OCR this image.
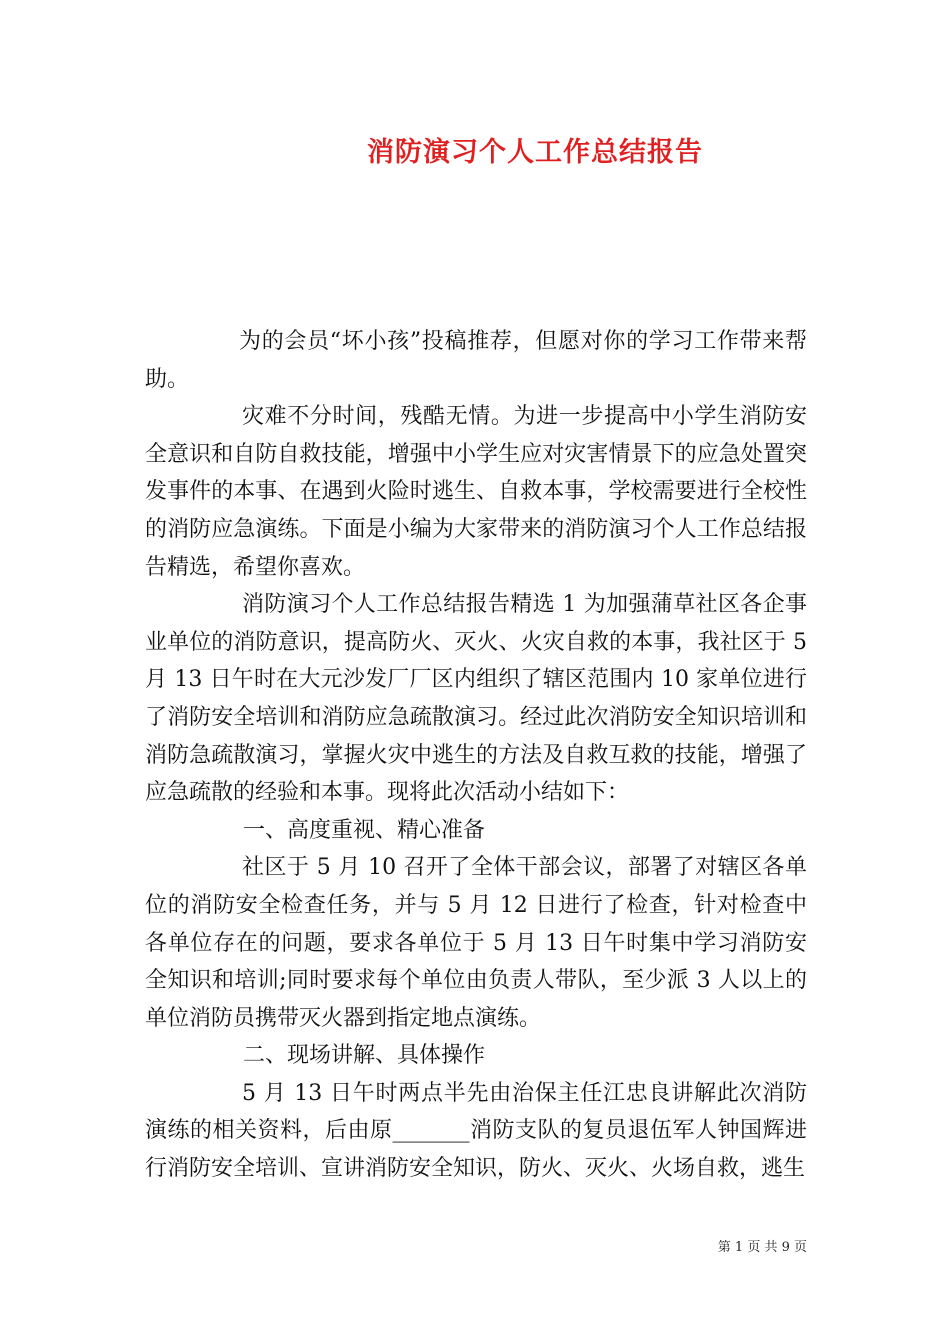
消防演习个人工作总结报告

为的会员“坏小孩”投稿推荐，但愿对你的学习工作带来帮助。

灾难不分时间，残酷无情。为进一步提高中小学生消防安全意识和自防自救技能，增强中小学生应对灾害情景下的应急处置突发事件的本事、在遇到火险时逃生、自救本事，学校需要进行全校性的消防应急演练。下面是小编为大家带来的消防演习个人工作总结报告精选，希望你喜欢。

消防演习个人工作总结报告精选 1 为加强蒲草社区各企事业单位的消防意识，提高防火、灭火、火灾自救的本事，我社区于 5 月 13 日午时在大元沙发厂厂区内组织了辖区范围内 10 家单位进行了消防安全培训和消防应急疏散演习。经过此次消防安全知识培训和消防急疏散演习，掌握火灾中逃生的方法及自救互救的技能，增强了应急疏散的经验和本事。现将此次活动小结如下：

一、高度重视、精心准备

社区于 5 月 10 召开了全体干部会议，部署了对辖区各单位的消防安全检查任务，并与 5 月 12 日进行了检查，针对检查中各单位存在的问题，要求各单位于 5 月 13 日午时集中学习消防安全知识和培训;同时要求每个单位由负责人带队，至少派 3 人以上的单位消防员携带灭火器到指定地点演练。

二、现场讲解、具体操作

5 月 13 日午时两点半先由治保主任江忠良讲解此次消防演练的相关资料，后由原_______消防支队的复员退伍军人钟国辉进行消防安全培训、宣讲消防安全知识，防火、灭火、火场自救，逃生

第 1 页 共 9 页
